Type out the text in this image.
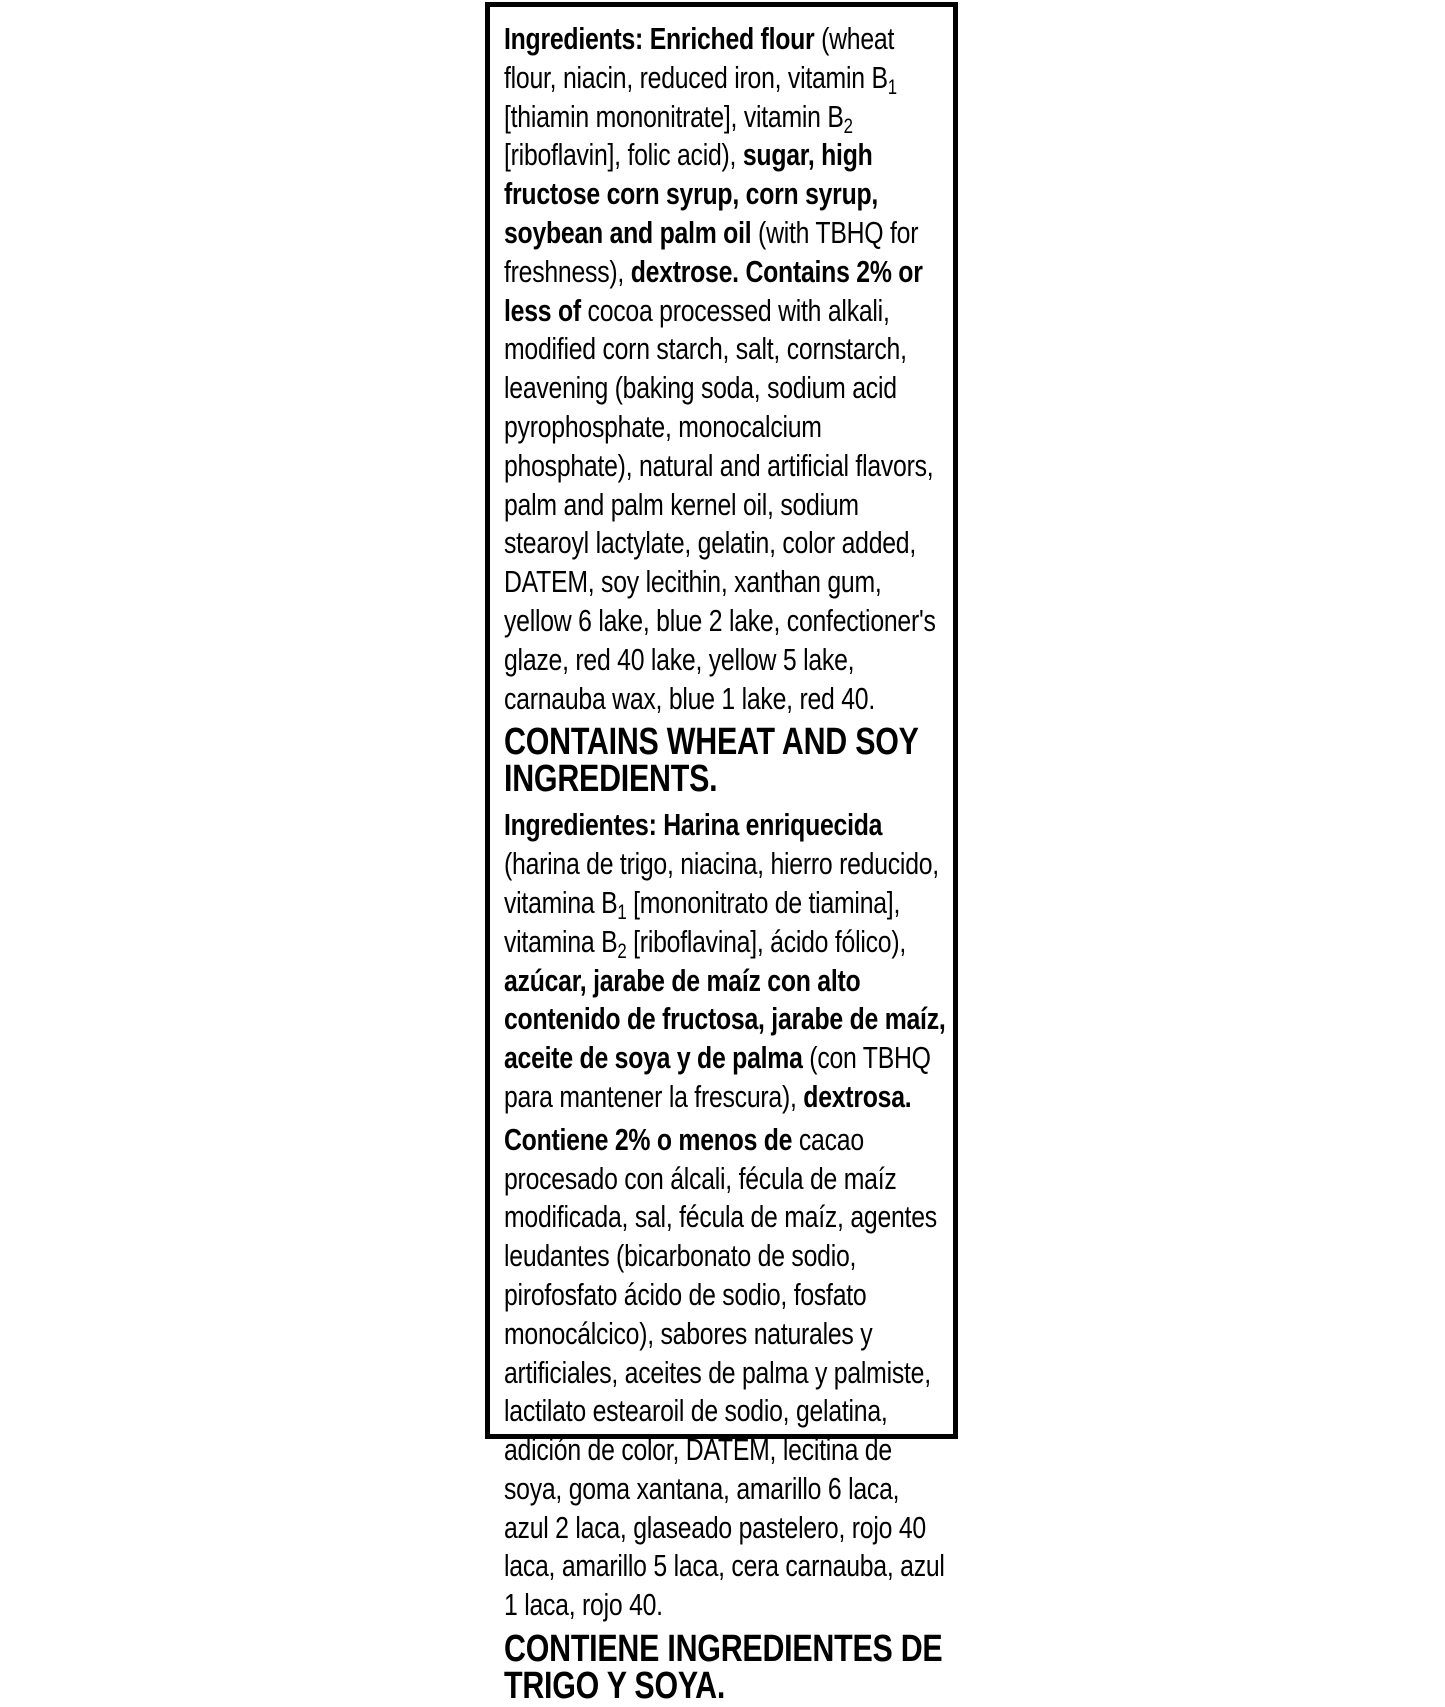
Ingredients: Enriched flour (wheat flour, niacin, reduced iron, vitamin $B_1$ [thiamin mononitrate], vitamin $B_2$ [riboflavin], folic acid), sugar, high fructose corn syrup, corn syrup, soybean and palm oil (with TBHQ for freshness), dextrose. Contains 2% or less of cocoa processed with alkali, modified corn starch, salt, cornstarch, leavening (baking soda, sodium acid pyrophosphate, monocalcium phosphate), natural and artificial flavors, palm and palm kernel oil, sodium stearoyl lactylate, gelatin, color added, DATEM, soy lecithin, xanthan gum, yellow 6 lake, blue 2 lake, confectioner's glaze, red 40 lake, yellow 5 lake, carnauba wax, blue 1 lake, red 40.

CONTAINS WHEAT AND SOY INGREDIENTS.

Ingredientes: Harina enriquecida (harina de trigo, niacina, hierro reducido, vitamina $B_1$ [mononitrato de tiamina], vitamina $B_2$ [riboflavina], ácido fólico), azúcar, jarabe de maíz con alto contenido de fructosa, jarabe de maíz, aceite de soya y de palma (con TBHQ para mantener la frescura), dextrosa.

Contiene 2% o menos de cacao procesado con álcali, fécula de maíz modificada, sal, fécula de maíz, agentes leudantes (bicarbonato de sodio, pirofosfato ácido de sodio, fosfato monocálcico), sabores naturales y artificiales, aceites de palma y palmiste, lactilato estearoil de sodio, gelatina, adición de color, DATEM, lecitina de soya, goma xantana, amarillo 6 laca, azul 2 laca, glaseado pastelero, rojo 40 laca, amarillo 5 laca, cera carnauba, azul 1 laca, rojo 40.

CONTIENE INGREDIENTES DE TRIGO Y SOYA.
